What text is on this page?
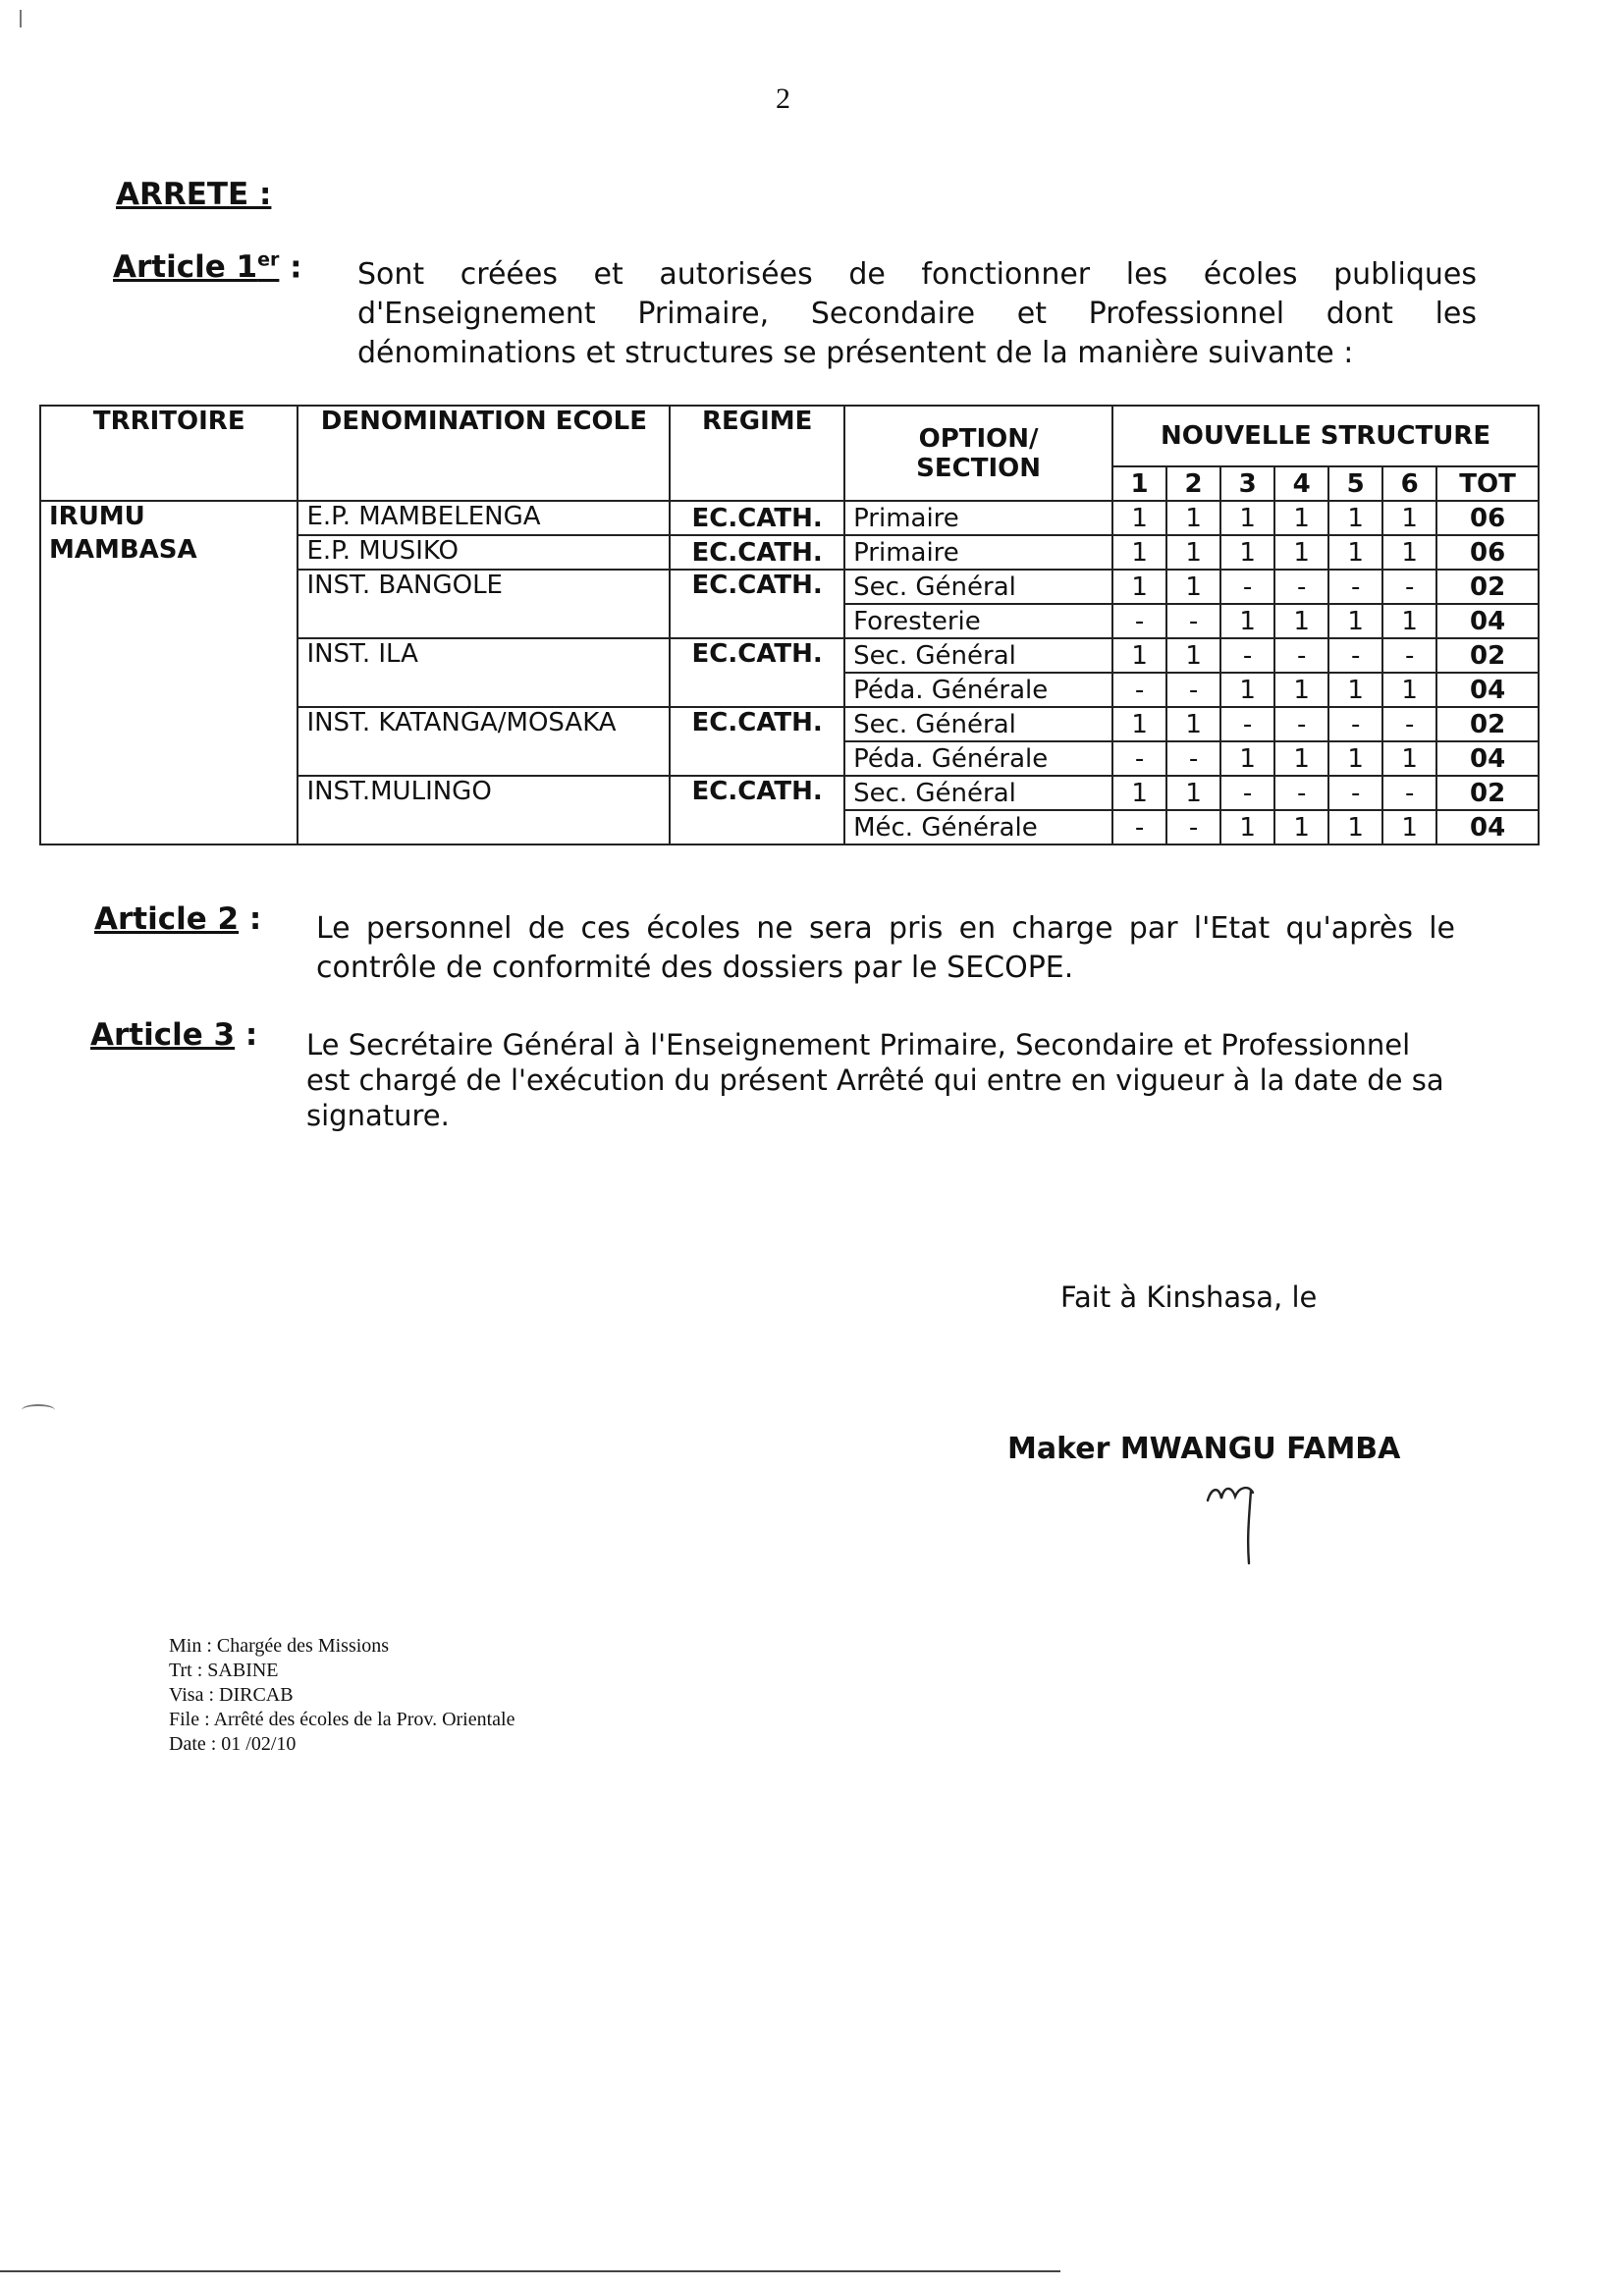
2
ARRETE :
Article 1er : Sont créées et autorisées de fonctionner les écoles publiques d'Enseignement Primaire, Secondaire et Professionnel dont les dénominations et structures se présentent de la manière suivante :
TRRITOIRE	DENOMINATION ECOLE	REGIME	OPTION/ SECTION	NOUVELLE STRUCTURE						
				1	2	3	4	5	6	TOT
IRUMU	E.P. MAMBELENGA	EC.CATH.	Primaire	1	1	1	1	1	1	06
MAMBASA	E.P. MUSIKO	EC.CATH.	Primaire	1	1	1	1	1	1	06
	INST. BANGOLE	EC.CATH.	Sec. Général	1	1	-	-	-	-	02
			Foresterie	-	-	1	1	1	1	04
	INST. ILA	EC.CATH.	Sec. Général	1	1	-	-	-	-	02
			Péda. Générale	-	-	1	1	1	1	04
	INST. KATANGA/MOSAKA	EC.CATH.	Sec. Général	1	1	-	-	-	-	02
			Péda. Générale	-	-	1	1	1	1	04
	INST.MULINGO	EC.CATH.	Sec. Général	1	1	-	-	-	-	02
			Méc. Générale	-	-	1	1	1	1	04
Article 2 : Le personnel de ces écoles ne sera pris en charge par l'Etat qu'après le contrôle de conformité des dossiers par le SECOPE.
Article 3 : Le Secrétaire Général à l'Enseignement Primaire, Secondaire et Professionnel est chargé de l'exécution du présent Arrêté qui entre en vigueur à la date de sa signature.
Fait à Kinshasa, le
Maker MWANGU FAMBA
Min : Chargée des Missions
Trt : SABINE
Visa : DIRCAB
File : Arrêté des écoles de la Prov. Orientale
Date : 01 /02/10
